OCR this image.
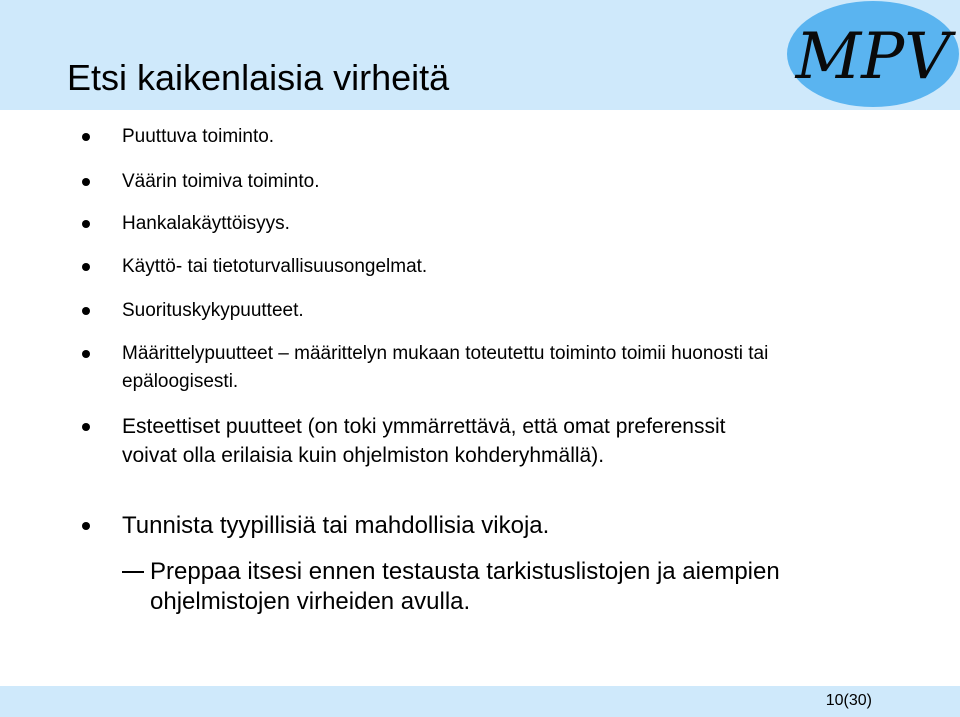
Etsi kaikenlaisia virheitä	MPV
Puuttuva toiminto.
Väärin toimiva toiminto.
Hankalakäyttöisyys.
Käyttö- tai tietoturvallisuusongelmat.
Suorituskykypuutteet.
Määrittelypuutteet – määrittelyn mukaan toteutettu toiminto toimii huonosti tai epäloogisesti.
Esteettiset puutteet (on toki ymmärrettävä, että omat preferenssit voivat olla erilaisia kuin ohjelmiston kohderyhmällä).
Tunnista tyypillisiä tai mahdollisia vikoja.
Preppaa itsesi ennen testausta tarkistuslistojen ja aiempien ohjelmistojen virheiden avulla.
10(30)
